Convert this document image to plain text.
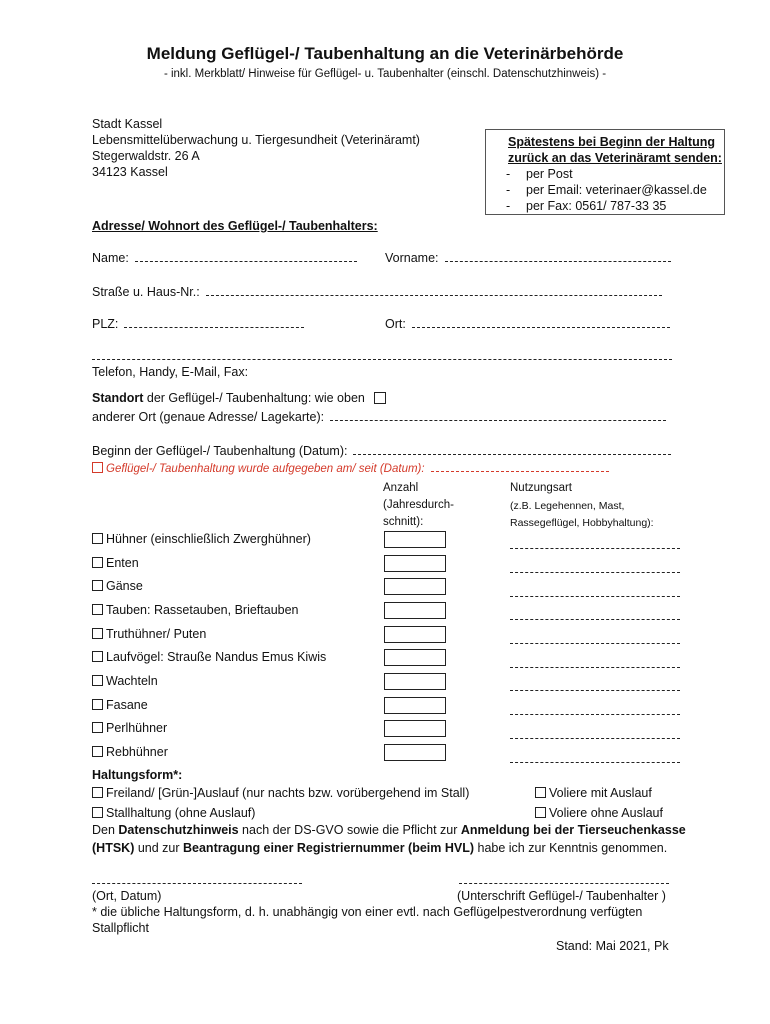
Meldung Geflügel-/ Taubenhaltung an die Veterinärbehörde
- inkl. Merkblatt/ Hinweise für Geflügel- u. Taubenhalter (einschl. Datenschutzhinweis) -
Stadt Kassel
Lebensmittelüberwachung u. Tiergesundheit (Veterinäramt)
Stegerwaldstr. 26 A
34123 Kassel
Spätestens bei Beginn der Haltung
zurück an das Veterinäramt senden:
- per Post
- per Email: veterinaer@kassel.de
- per Fax: 0561/ 787-33 35
Adresse/ Wohnort des Geflügel-/ Taubenhalters:
Name:	Vorname:
Straße u. Haus-Nr.:
PLZ:	Ort:
Telefon, Handy, E-Mail, Fax:
Standort der Geflügel-/ Taubenhaltung: wie oben
anderer Ort (genaue Adresse/ Lagekarte):
Beginn der Geflügel-/ Taubenhaltung (Datum):
Geflügel-/ Taubenhaltung wurde aufgegeben am/ seit (Datum):
Anzahl
(Jahresdurch-
schnitt):
Nutzungsart
(z.B. Legehennen, Mast,
Rassegeflügel, Hobbyhaltung):
Hühner (einschließlich Zwerghühner)
Enten
Gänse
Tauben: Rassetauben, Brieftauben
Truthühner/ Puten
Laufvögel: Strauße Nandus Emus Kiwis
Wachteln
Fasane
Perlhühner
Rebhühner
Haltungsform*:
Freiland/ [Grün-]Auslauf (nur nachts bzw. vorübergehend im Stall)	Voliere mit Auslauf
Stallhaltung (ohne Auslauf)	Voliere ohne Auslauf
Den Datenschutzhinweis nach der DS-GVO sowie die Pflicht zur Anmeldung bei der Tierseuchenkasse
(HTSK) und zur Beantragung einer Registriernummer (beim HVL) habe ich zur Kenntnis genommen.
(Ort, Datum)	(Unterschrift Geflügel-/ Taubenhalter )
* die übliche Haltungsform, d. h. unabhängig von einer evtl. nach Geflügelpestverordnung verfügten
Stallpflicht
Stand: Mai 2021, Pk
